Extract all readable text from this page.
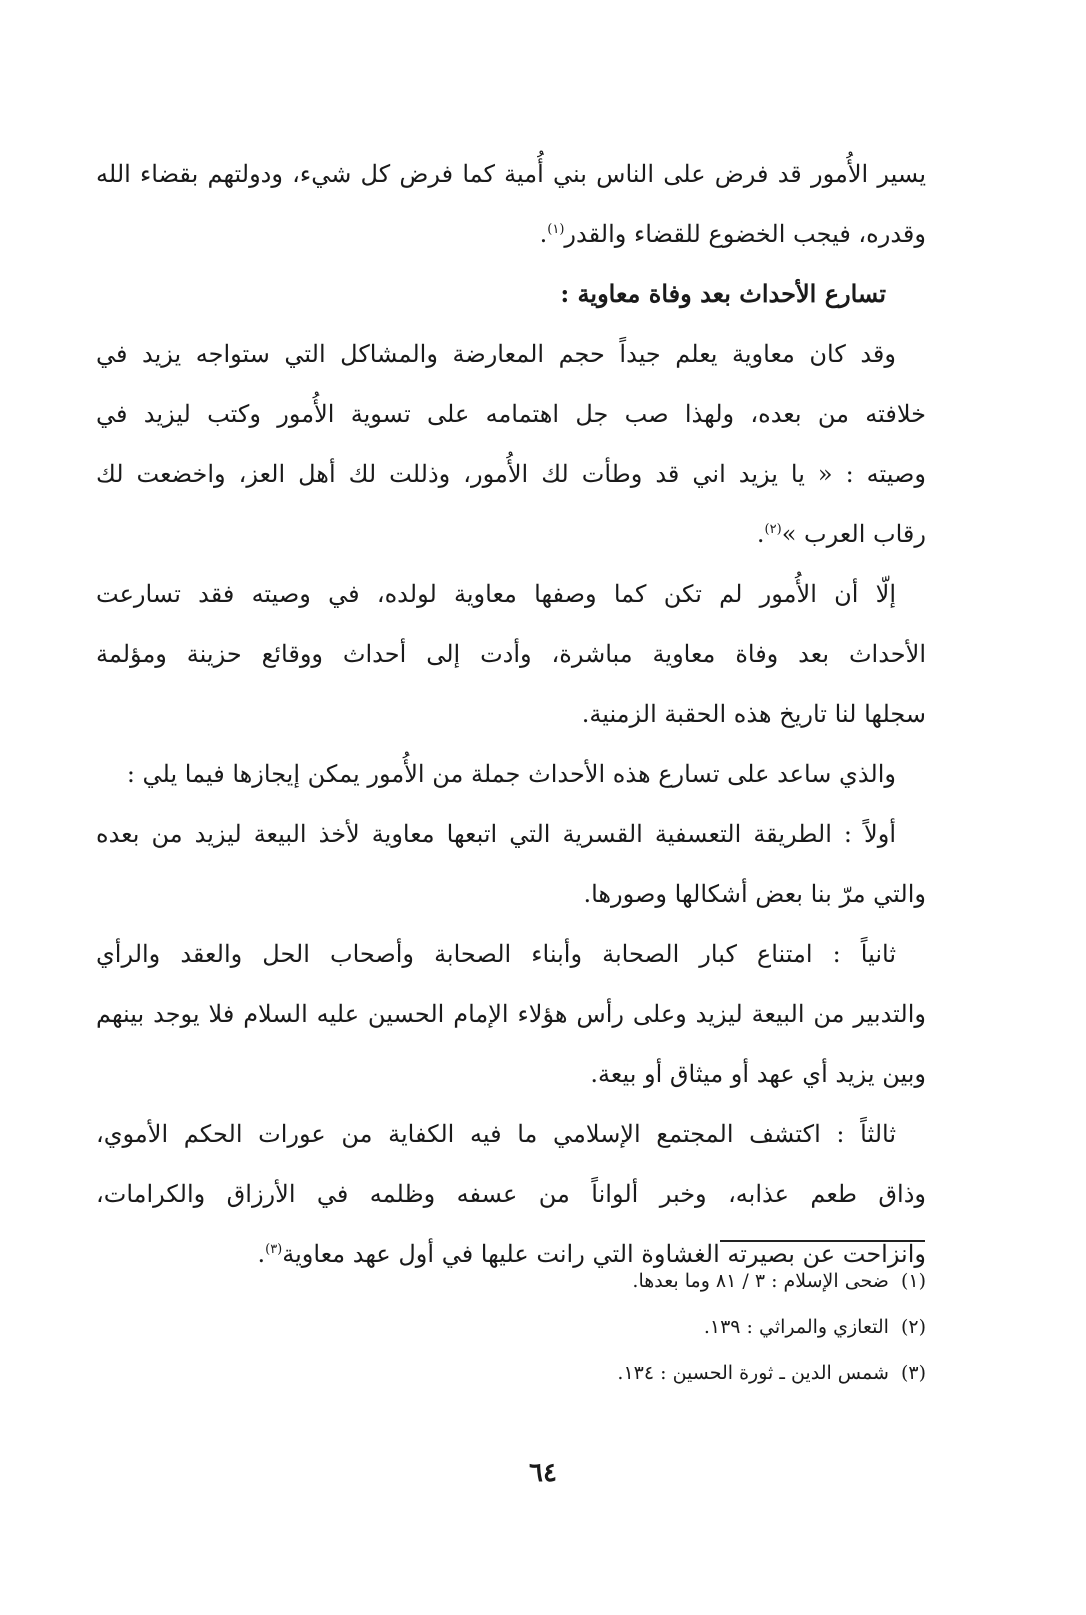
يسير الأُمور قد فرض على الناس بني أُمية كما فرض كل شيء، ودولتهم بقضاء الله
وقدره، فيجب الخضوع للقضاء والقدر$^{(١)}$.
تسارع الأحداث بعد وفاة معاوية :
وقد كان معاوية يعلم جيداً حجم المعارضة والمشاكل التي ستواجه يزيد في
خلافته من بعده، ولهذا صب جل اهتمامه على تسوية الأُمور وكتب ليزيد في
وصيته : « يا يزيد اني قد وطأت لك الأُمور، وذللت لك أهل العز، واخضعت لك
رقاب العرب »$^{(٢)}$.
إلّا أن الأُمور لم تكن كما وصفها معاوية لولده، في وصيته فقد تسارعت
الأحداث بعد وفاة معاوية مباشرة، وأدت إلى أحداث ووقائع حزينة ومؤلمة
سجلها لنا تاريخ هذه الحقبة الزمنية.
والذي ساعد على تسارع هذه الأحداث جملة من الأُمور يمكن إيجازها فيما يلي :
أولاً : الطريقة التعسفية القسرية التي اتبعها معاوية لأخذ البيعة ليزيد من بعده
والتي مرّ بنا بعض أشكالها وصورها.
ثانياً : امتناع كبار الصحابة وأبناء الصحابة وأصحاب الحل والعقد والرأي
والتدبير من البيعة ليزيد وعلى رأس هؤلاء الإمام الحسين عليه السلام فلا يوجد بينهم
وبين يزيد أي عهد أو ميثاق أو بيعة.
ثالثاً : اكتشف المجتمع الإسلامي ما فيه الكفاية من عورات الحكم الأموي،
وذاق طعم عذابه، وخبر ألواناً من عسفه وظلمه في الأرزاق والكرامات،
وانزاحت عن بصيرته الغشاوة التي رانت عليها في أول عهد معاوية$^{(٣)}$.
(١)ضحى الإسلام : ٣ / ٨١ وما بعدها.
(٢)التعازي والمراثي : ١٣٩.
(٣)شمس الدين ـ ثورة الحسين : ١٣٤.
٦٤
